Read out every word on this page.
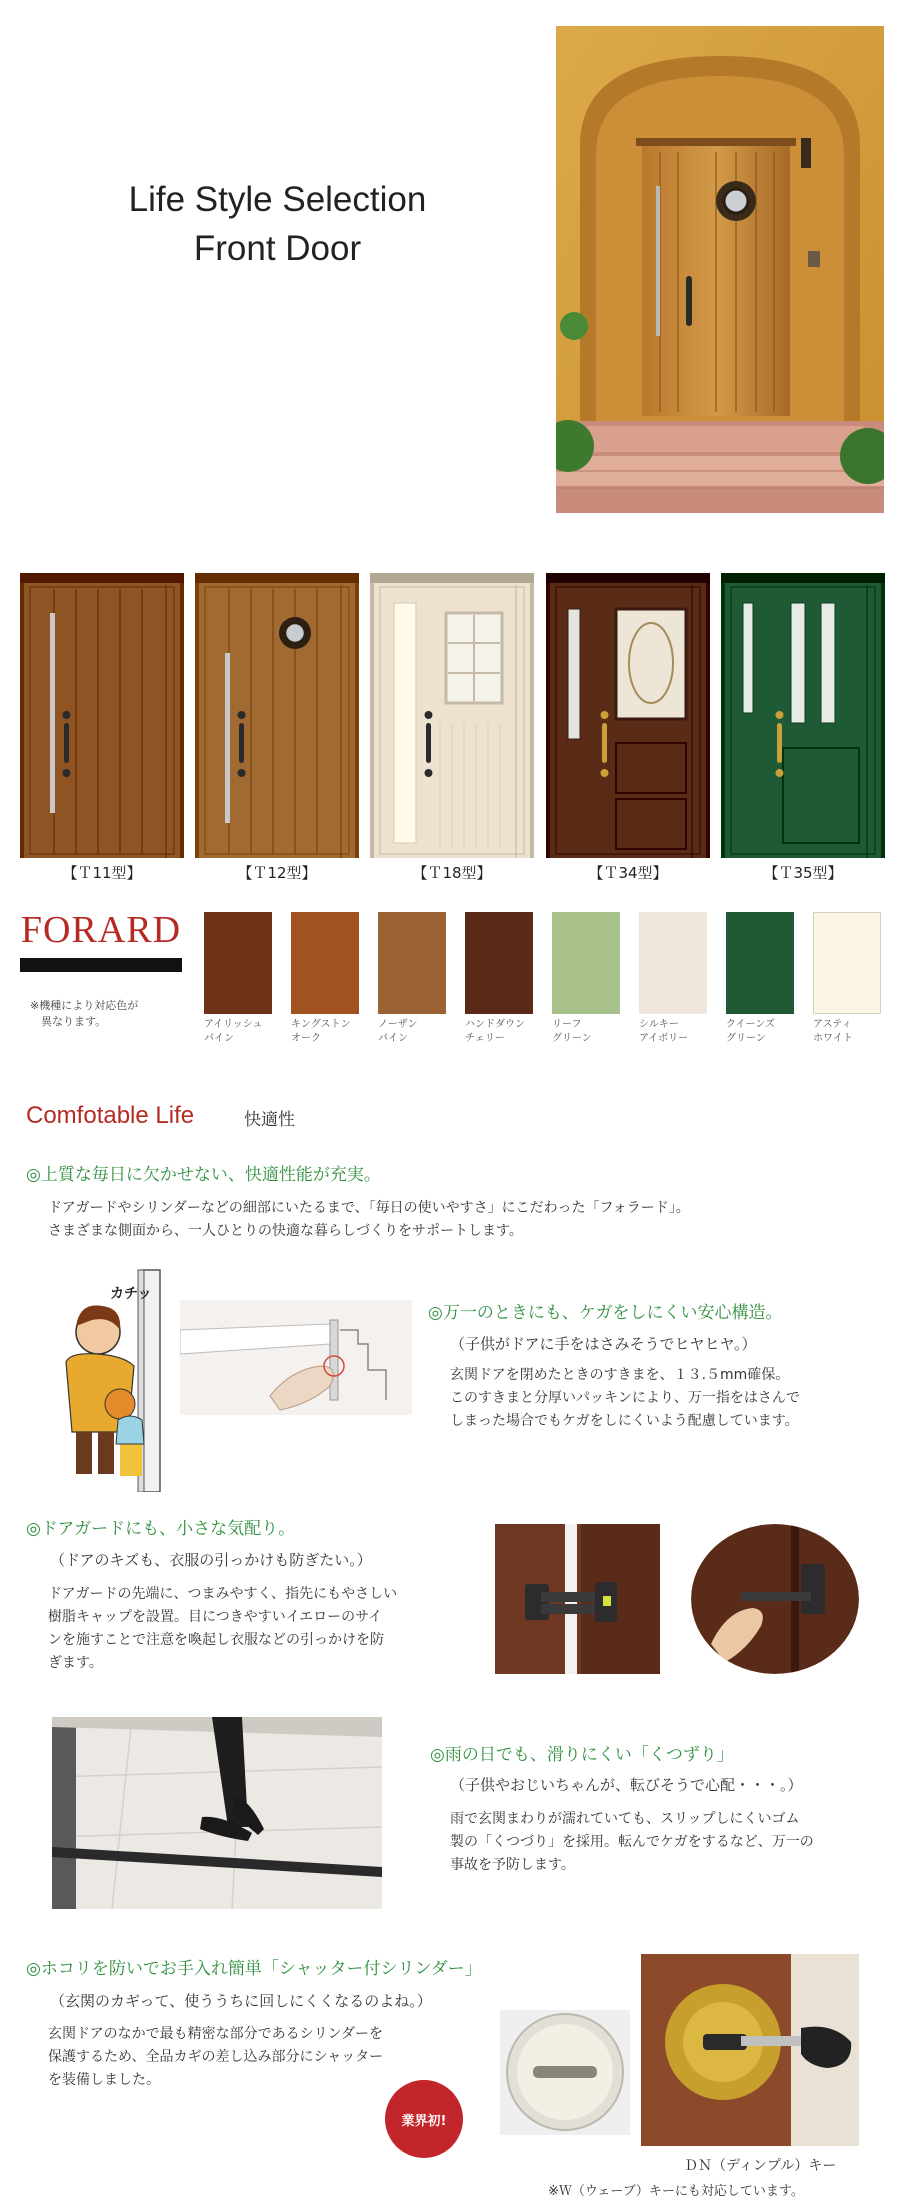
Life Style Selection
Front Door
【Ｔ11型】	【Ｔ12型】	【Ｔ18型】	【Ｔ34型】	【Ｔ35型】
FORARD
※機種により対応色が
　異なります。	アイリッシュ
パイン
キングストン
オーク
ノーザン
パイン
ハンドダウン
チェリー
リーフ
グリーン
シルキー
アイボリー
クイーンズ
グリーン
アスティ
ホワイト
Comfotable Life	快適性
◎上質な毎日に欠かせない、快適性能が充実。
ドアガードやシリンダーなどの細部にいたるまで、「毎日の使いやすさ」にこだわった「フォラード」。
さまざまな側面から、一人ひとりの快適な暮らしづくりをサポートします。
カチッ
◎万一のときにも、ケガをしにくい安心構造。
（子供がドアに手をはさみそうでヒヤヒヤ。）
玄関ドアを閉めたときのすきまを、１３.５mm確保。
このすきまと分厚いパッキンにより、万一指をはさんで
しまった場合でもケガをしにくいよう配慮しています。
◎ドアガードにも、小さな気配り。
（ドアのキズも、衣服の引っかけも防ぎたい。）
ドアガードの先端に、つまみやすく、指先にもやさしい
樹脂キャップを設置。目につきやすいイエローのサイ
ンを施すことで注意を喚起し衣服などの引っかけを防
ぎます。
◎雨の日でも、滑りにくい「くつずり」
（子供やおじいちゃんが、転びそうで心配・・・。）
雨で玄関まわりが濡れていても、スリップしにくいゴム
製の「くつづり」を採用。転んでケガをするなど、万一の
事故を予防します。
◎ホコリを防いでお手入れ簡単「シャッター付シリンダー」
（玄関のカギって、使ううちに回しにくくなるのよね。）
玄関ドアのなかで最も精密な部分であるシリンダーを
保護するため、全品カギの差し込み部分にシャッター
を装備しました。
業界初!
ＤＮ（ディンプル）キー
※Ｗ（ウェーブ）キーにも対応しています。
